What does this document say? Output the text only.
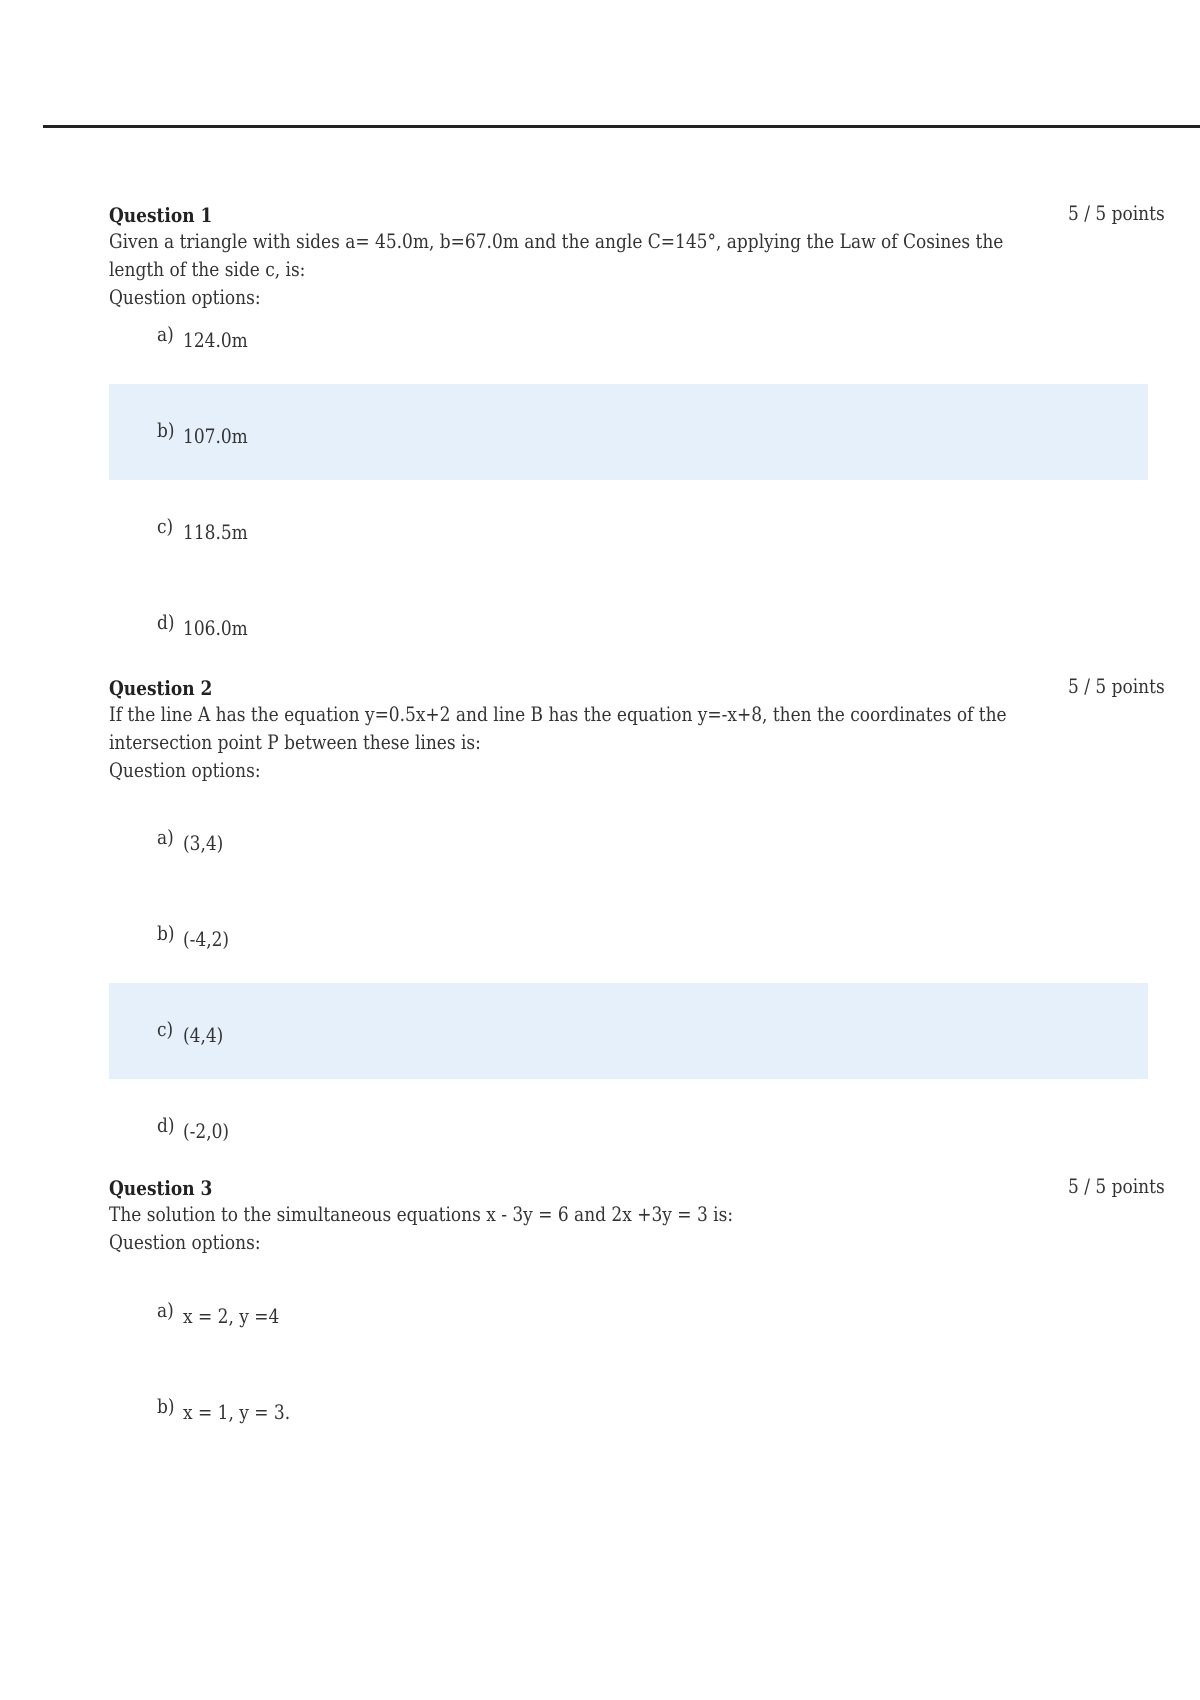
Question 1	5 / 5 points
Given a triangle with sides a= 45.0m, b=67.0m and the angle C=145°, applying the Law of Cosines the length of the side c, is:
Question options:
a) 124.0m
b) 107.0m
c) 118.5m
d) 106.0m
Question 2	5 / 5 points
If the line A has the equation y=0.5x+2 and line B has the equation y=-x+8, then the coordinates of the intersection point P between these lines is:
Question options:
a) (3,4)
b) (-4,2)
c) (4,4)
d) (-2,0)
Question 3	5 / 5 points
The solution to the simultaneous equations x - 3y = 6 and 2x +3y = 3 is:
Question options:
a) x = 2, y =4
b) x = 1, y = 3.
